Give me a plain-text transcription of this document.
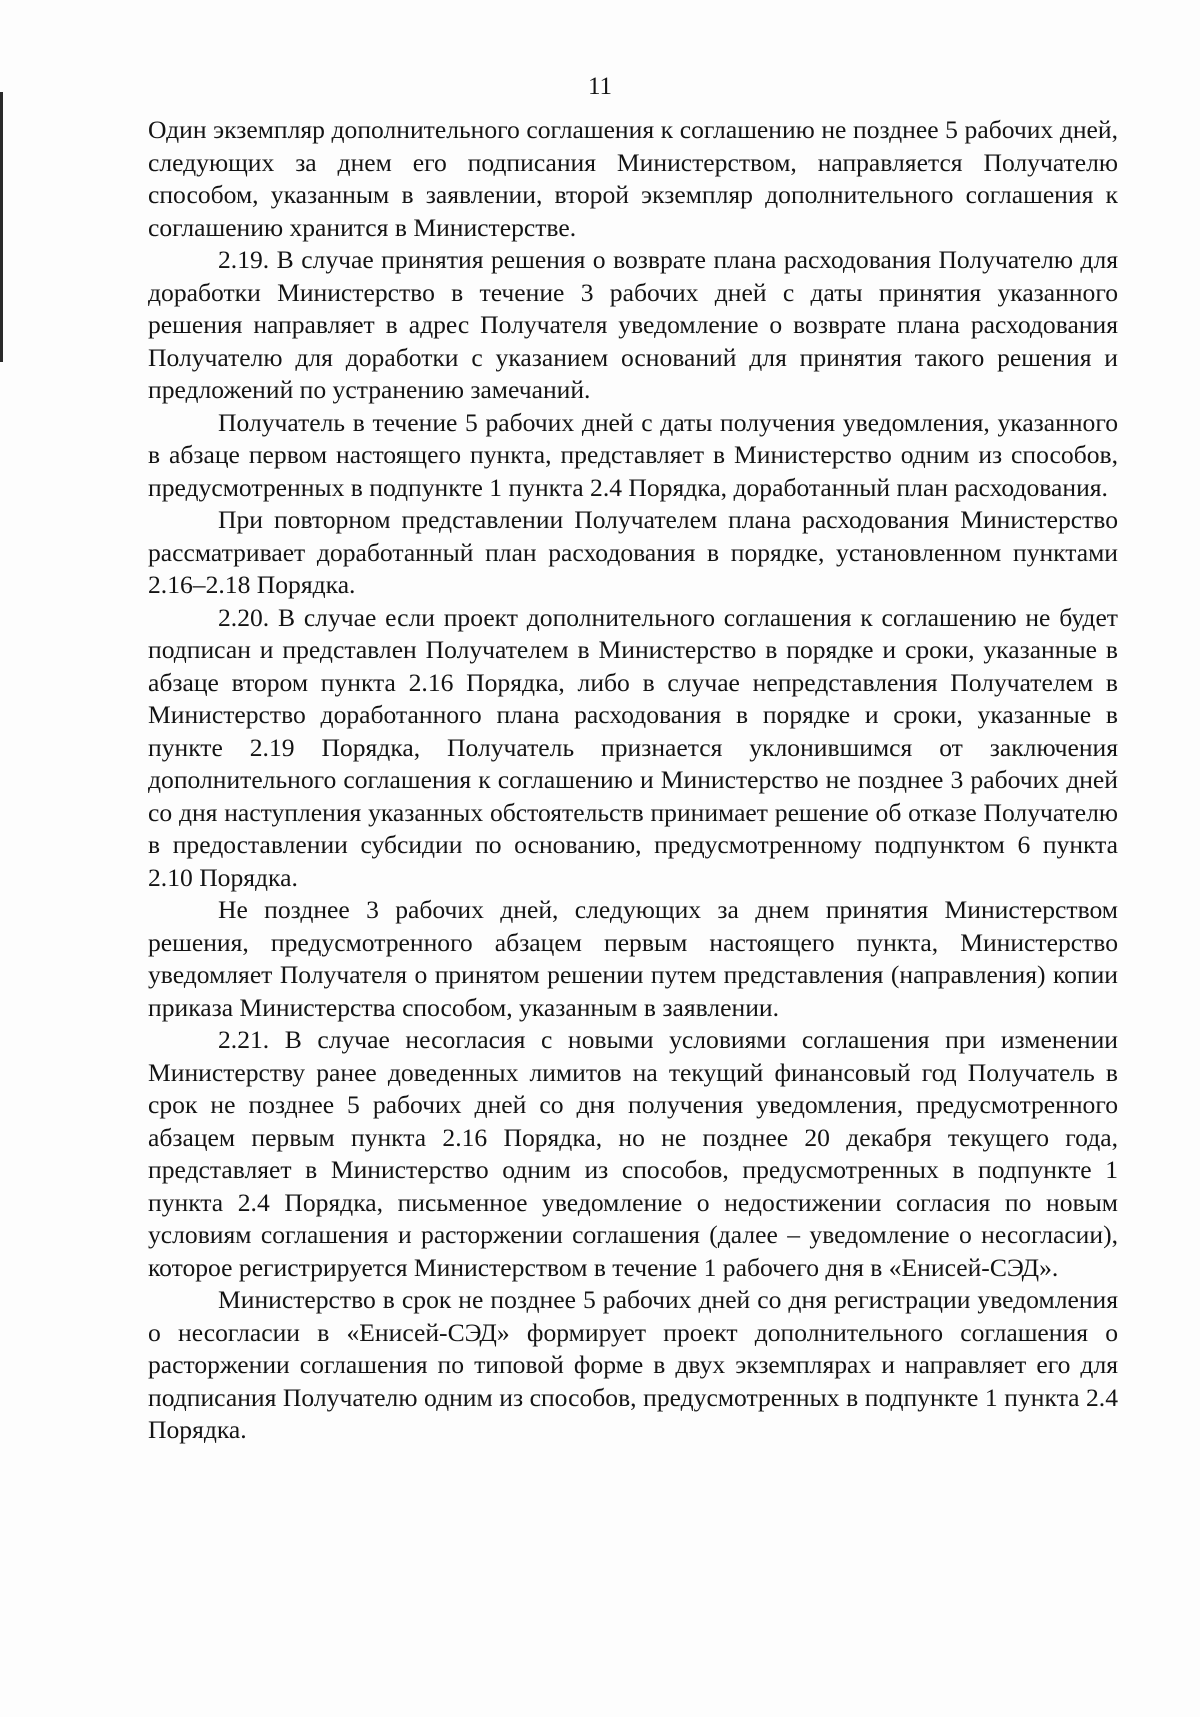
11

Один экземпляр дополнительного соглашения к соглашению не позднее 5 рабочих дней, следующих за днем его подписания Министерством, направляется Получателю способом, указанным в заявлении, второй экземпляр дополнительного соглашения к соглашению хранится в Министерстве.

2.19. В случае принятия решения о возврате плана расходования Получателю для доработки Министерство в течение 3 рабочих дней с даты принятия указанного решения направляет в адрес Получателя уведомление о возврате плана расходования Получателю для доработки с указанием оснований для принятия такого решения и предложений по устранению замечаний.

Получатель в течение 5 рабочих дней с даты получения уведомления, указанного в абзаце первом настоящего пункта, представляет в Министерство одним из способов, предусмотренных в подпункте 1 пункта 2.4 Порядка, доработанный план расходования.

При повторном представлении Получателем плана расходования Министерство рассматривает доработанный план расходования в порядке, установленном пунктами 2.16–2.18 Порядка.

2.20. В случае если проект дополнительного соглашения к соглашению не будет подписан и представлен Получателем в Министерство в порядке и сроки, указанные в абзаце втором пункта 2.16 Порядка, либо в случае непредставления Получателем в Министерство доработанного плана расходования в порядке и сроки, указанные в пункте 2.19 Порядка, Получатель признается уклонившимся от заключения дополнительного соглашения к соглашению и Министерство не позднее 3 рабочих дней со дня наступления указанных обстоятельств принимает решение об отказе Получателю в предоставлении субсидии по основанию, предусмотренному подпунктом 6 пункта 2.10 Порядка.

Не позднее 3 рабочих дней, следующих за днем принятия Министерством решения, предусмотренного абзацем первым настоящего пункта, Министерство уведомляет Получателя о принятом решении путем представления (направления) копии приказа Министерства способом, указанным в заявлении.

2.21. В случае несогласия с новыми условиями соглашения при изменении Министерству ранее доведенных лимитов на текущий финансовый год Получатель в срок не позднее 5 рабочих дней со дня получения уведомления, предусмотренного абзацем первым пункта 2.16 Порядка, но не позднее 20 декабря текущего года, представляет в Министерство одним из способов, предусмотренных в подпункте 1 пункта 2.4 Порядка, письменное уведомление о недостижении согласия по новым условиям соглашения и расторжении соглашения (далее – уведомление о несогласии), которое регистрируется Министерством в течение 1 рабочего дня в «Енисей-СЭД».

Министерство в срок не позднее 5 рабочих дней со дня регистрации уведомления о несогласии в «Енисей-СЭД» формирует проект дополнительного соглашения о расторжении соглашения по типовой форме в двух экземплярах и направляет его для подписания Получателю одним из способов, предусмотренных в подпункте 1 пункта 2.4 Порядка.
